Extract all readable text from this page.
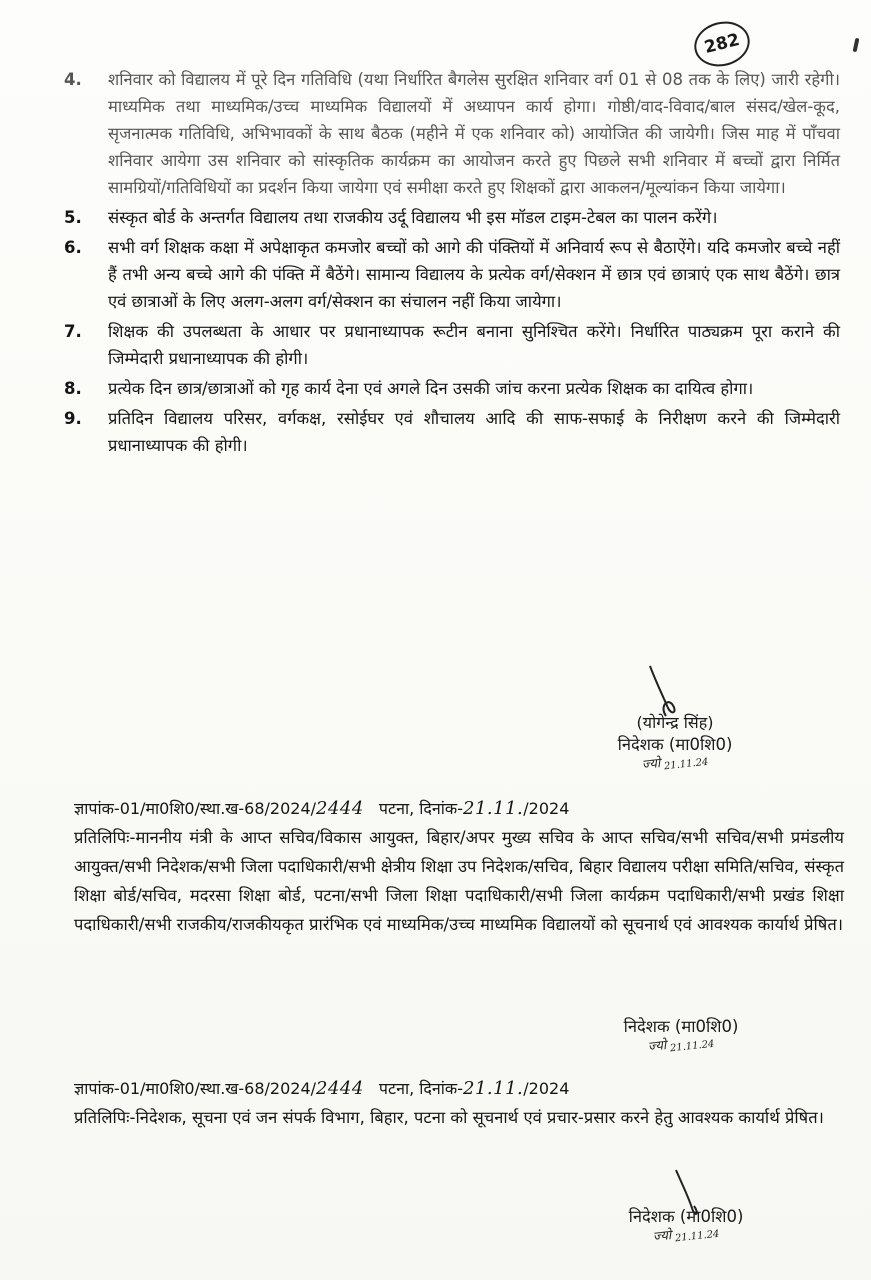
282
4.	शनिवार को विद्यालय में पूरे दिन गतिविधि (यथा निर्धारित बैगलेस सुरक्षित शनिवार वर्ग 01 से 08 तक के लिए) जारी रहेगी। माध्यमिक तथा माध्यमिक/उच्च माध्यमिक विद्यालयों में अध्यापन कार्य होगा। गोष्ठी/वाद-विवाद/बाल संसद/खेल-कूद, सृजनात्मक गतिविधि, अभिभावकों के साथ बैठक (महीने में एक शनिवार को) आयोजित की जायेगी। जिस माह में पाँचवा शनिवार आयेगा उस शनिवार को सांस्कृतिक कार्यक्रम का आयोजन करते हुए पिछले सभी शनिवार में बच्चों द्वारा निर्मित सामग्रियों/गतिविधियों का प्रदर्शन किया जायेगा एवं समीक्षा करते हुए शिक्षकों द्वारा आकलन/मूल्यांकन किया जायेगा।
5.	संस्कृत बोर्ड के अन्तर्गत विद्यालय तथा राजकीय उर्दू विद्यालय भी इस मॉडल टाइम-टेबल का पालन करेंगे।
6.	सभी वर्ग शिक्षक कक्षा में अपेक्षाकृत कमजोर बच्चों को आगे की पंक्तियों में अनिवार्य रूप से बैठाऐंगे। यदि कमजोर बच्चे नहीं हैं तभी अन्य बच्चे आगे की पंक्ति में बैठेंगे। सामान्य विद्यालय के प्रत्येक वर्ग/सेक्शन में छात्र एवं छात्राएं एक साथ बैठेंगे। छात्र एवं छात्राओं के लिए अलग-अलग वर्ग/सेक्शन का संचालन नहीं किया जायेगा।
7.	शिक्षक की उपलब्धता के आधार पर प्रधानाध्यापक रूटीन बनाना सुनिश्चित करेंगे। निर्धारित पाठ्यक्रम पूरा कराने की जिम्मेदारी प्रधानाध्यापक की होगी।
8.	प्रत्येक दिन छात्र/छात्राओं को गृह कार्य देना एवं अगले दिन उसकी जांच करना प्रत्येक शिक्षक का दायित्व होगा।
9.	प्रतिदिन विद्यालय परिसर, वर्गकक्ष, रसोईघर एवं शौचालय आदि की साफ-सफाई के निरीक्षण करने की जिम्मेदारी प्रधानाध्यापक की होगी।
(योगेन्द्र सिंह)
निदेशक (मा0शि0)
ज्यो 21.11.24
ज्ञापांक-01/मा0शि0/स्था.ख-68/2024/2444 पटना, दिनांक-21.11./2024
प्रतिलिपिः-माननीय मंत्री के आप्त सचिव/विकास आयुक्त, बिहार/अपर मुख्य सचिव के आप्त सचिव/सभी सचिव/सभी प्रमंडलीय आयुक्त/सभी निदेशक/सभी जिला पदाधिकारी/सभी क्षेत्रीय शिक्षा उप निदेशक/सचिव, बिहार विद्यालय परीक्षा समिति/सचिव, संस्कृत शिक्षा बोर्ड/सचिव, मदरसा शिक्षा बोर्ड, पटना/सभी जिला शिक्षा पदाधिकारी/सभी जिला कार्यक्रम पदाधिकारी/सभी प्रखंड शिक्षा पदाधिकारी/सभी राजकीय/राजकीयकृत प्रारंभिक एवं माध्यमिक/उच्च माध्यमिक विद्यालयों को सूचनार्थ एवं आवश्यक कार्यार्थ प्रेषित।
निदेशक (मा0शि0)
ज्यो 21.11.24
ज्ञापांक-01/मा0शि0/स्था.ख-68/2024/2444 पटना, दिनांक-21.11./2024
प्रतिलिपिः-निदेशक, सूचना एवं जन संपर्क विभाग, बिहार, पटना को सूचनार्थ एवं प्रचार-प्रसार करने हेतु आवश्यक कार्यार्थ प्रेषित।
निदेशक (मा0शि0)
ज्यो 21.11.24
